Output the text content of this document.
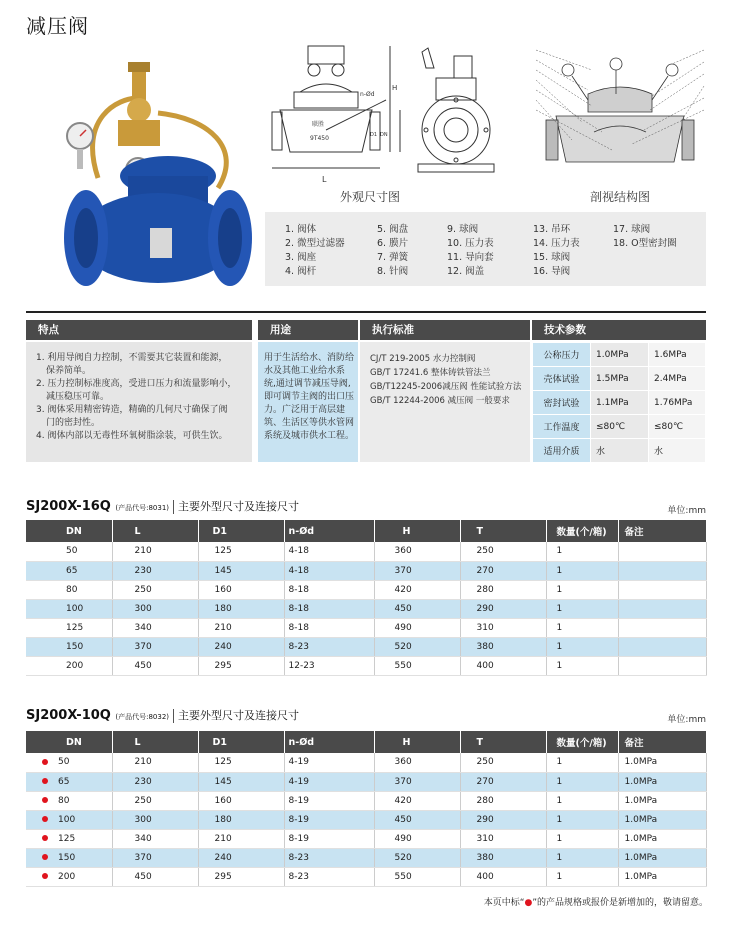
减压阀
L
H
n-Ød
D1 DN
联胜
9T450
外观尺寸图	剖视结构图
1. 阀体
2. 微型过滤器
3. 阀座
4. 阀杆
5. 阀盘
6. 膜片
7. 弹簧
8. 针阀
9. 球阀
10. 压力表
11. 导向套
12. 阀盖
13. 吊环
14. 压力表
15. 球阀
16. 导阀
17. 球阀
18. O型密封圈
特点	用途	执行标准	技术参数
1. 利用导阀自力控制，不需要其它装置和能源，
保养简单。
2. 压力控制标准度高，受进口压力和流量影响小，
减压稳压可靠。
3. 阀体采用精密铸造，精确的几何尺寸确保了阀
门的密封性。
4. 阀体内部以无毒性环氧树脂涂装，可供生饮。
用于生活给水、消防给水及其他工业给水系统,通过调节减压导阀,即可调节主阀的出口压力。广泛用于高层建筑、生活区等供水管网系统及城市供水工程。
CJ/T 219-2005 水力控制阀
GB/T 17241.6 整体铸铁管法兰
GB/T12245-2006减压阀 性能试验方法
GB/T 12244-2006 减压阀 一般要求
公称压力	1.0MPa	1.6MPa
壳体试验	1.5MPa	2.4MPa
密封试验	1.1MPa	1.76MPa
工作温度	≤80℃	≤80℃
适用介质	水	水
SJ200X-16Q (产品代号:8031) 主要外型尺寸及连接尺寸	单位:mm
DN	L	D1	n-Ød	H	T	数量(个/箱)	备注
50	210	125	4-18	360	250	1	
65	230	145	4-18	370	270	1	
80	250	160	8-18	420	280	1	
100	300	180	8-18	450	290	1	
125	340	210	8-18	490	310	1	
150	370	240	8-23	520	380	1	
200	450	295	12-23	550	400	1	
SJ200X-10Q (产品代号:8032) 主要外型尺寸及连接尺寸	单位:mm
DN	L	D1	n-Ød	H	T	数量(个/箱)	备注
50	210	125	4-19	360	250	1	1.0MPa
65	230	145	4-19	370	270	1	1.0MPa
80	250	160	8-19	420	280	1	1.0MPa
100	300	180	8-19	450	290	1	1.0MPa
125	340	210	8-19	490	310	1	1.0MPa
150	370	240	8-23	520	380	1	1.0MPa
200	450	295	8-23	550	400	1	1.0MPa
本页中标“●”的产品规格或报价是新增加的，敬请留意。
